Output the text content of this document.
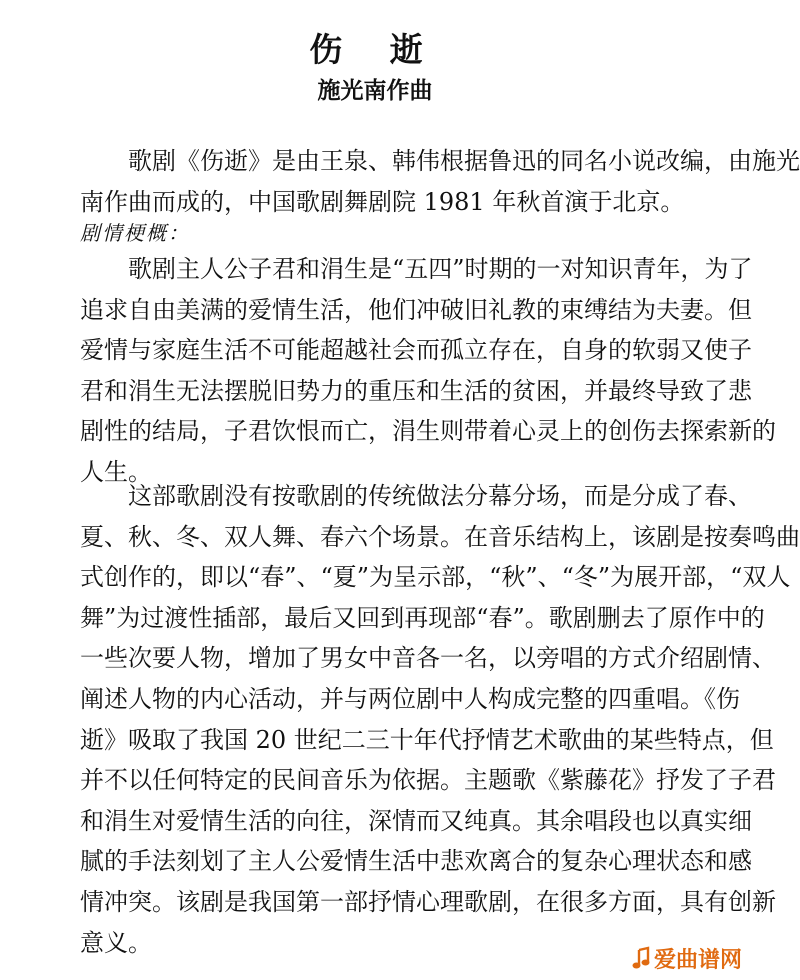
伤 逝
施光南作曲
歌剧《伤逝》是由王泉、韩伟根据鲁迅的同名小说改编，由施光
南作曲而成的，中国歌剧舞剧院 1981 年秋首演于北京。
剧情梗概：
歌剧主人公子君和涓生是“五四”时期的一对知识青年，为了
追求自由美满的爱情生活，他们冲破旧礼教的束缚结为夫妻。但
爱情与家庭生活不可能超越社会而孤立存在，自身的软弱又使子
君和涓生无法摆脱旧势力的重压和生活的贫困，并最终导致了悲
剧性的结局，子君饮恨而亡，涓生则带着心灵上的创伤去探索新的
人生。
这部歌剧没有按歌剧的传统做法分幕分场，而是分成了春、
夏、秋、冬、双人舞、春六个场景。在音乐结构上，该剧是按奏鸣曲
式创作的，即以“春”、“夏”为呈示部，“秋”、“冬”为展开部，“双人
舞”为过渡性插部，最后又回到再现部“春”。歌剧删去了原作中的
一些次要人物，增加了男女中音各一名，以旁唱的方式介绍剧情、
阐述人物的内心活动，并与两位剧中人构成完整的四重唱。《伤
逝》吸取了我国 20 世纪二三十年代抒情艺术歌曲的某些特点，但
并不以任何特定的民间音乐为依据。主题歌《紫藤花》抒发了子君
和涓生对爱情生活的向往，深情而又纯真。其余唱段也以真实细
腻的手法刻划了主人公爱情生活中悲欢离合的复杂心理状态和感
情冲突。该剧是我国第一部抒情心理歌剧，在很多方面，具有创新
意义。
爱曲谱网
